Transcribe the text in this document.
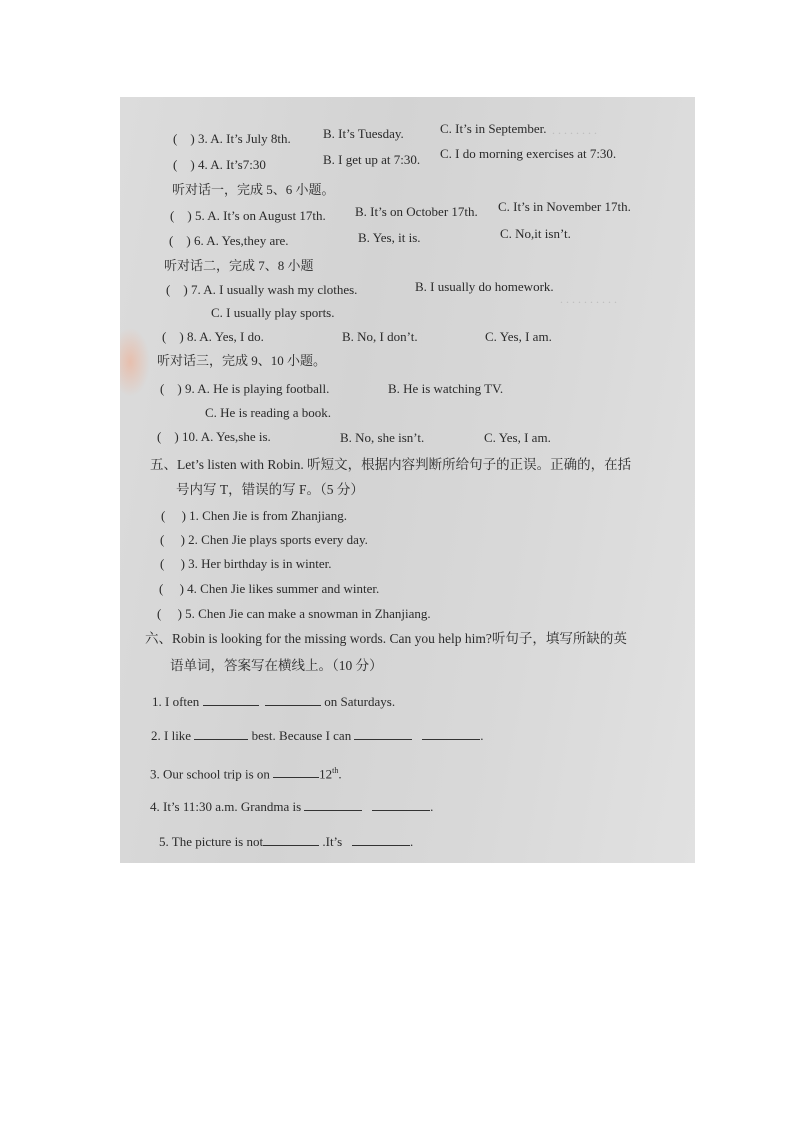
. . . . . . . .
. . . . . . . . . .
( ) 3. A. It’s July 8th. B. It’s Tuesday.	C. It’s in September.
( ) 4. A. It’s7:30	B. I get up at 7:30. C. I do morning exercises at 7:30.
听对话一，完成 5、6 小题。
( ) 5. A. It’s on August 17th. B. It’s on October 17th. C. It’s in November 17th.
( ) 6. A. Yes,they are.	B. Yes, it is.	C. No,it isn’t.
听对话二，完成 7、8 小题
( ) 7. A. I usually wash my clothes.	B. I usually do homework.
C. I usually play sports.
( ) 8. A. Yes, I do.	B. No, I don’t.	C. Yes, I am.
听对话三，完成 9、10 小题。
( ) 9. A. He is playing football.	B. He is watching TV.
C. He is reading a book.
( ) 10. A. Yes,she is.	B. No, she isn’t.	C. Yes, I am.
五、Let’s listen with Robin. 听短文，根据内容判断所给句子的正误。正确的，在括
号内写 T，错误的写 F。（5 分）
(     ) 1. Chen Jie is from Zhanjiang.
(     ) 2. Chen Jie plays sports every day.
(     ) 3. Her birthday is in winter.
(     ) 4. Chen Jie likes summer and winter.
(     ) 5. Chen Jie can make a snowman in Zhanjiang.
六、Robin is looking for the missing words. Can you help him?听句子，填写所缺的英
语单词，答案写在横线上。（10 分）
1. I often	on Saturdays.
2. I like	best. Because I can	.
3. Our school trip is on	12th.
4. It’s 11:30 a.m. Grandma is	.
5. The picture is not	.It’s	.
